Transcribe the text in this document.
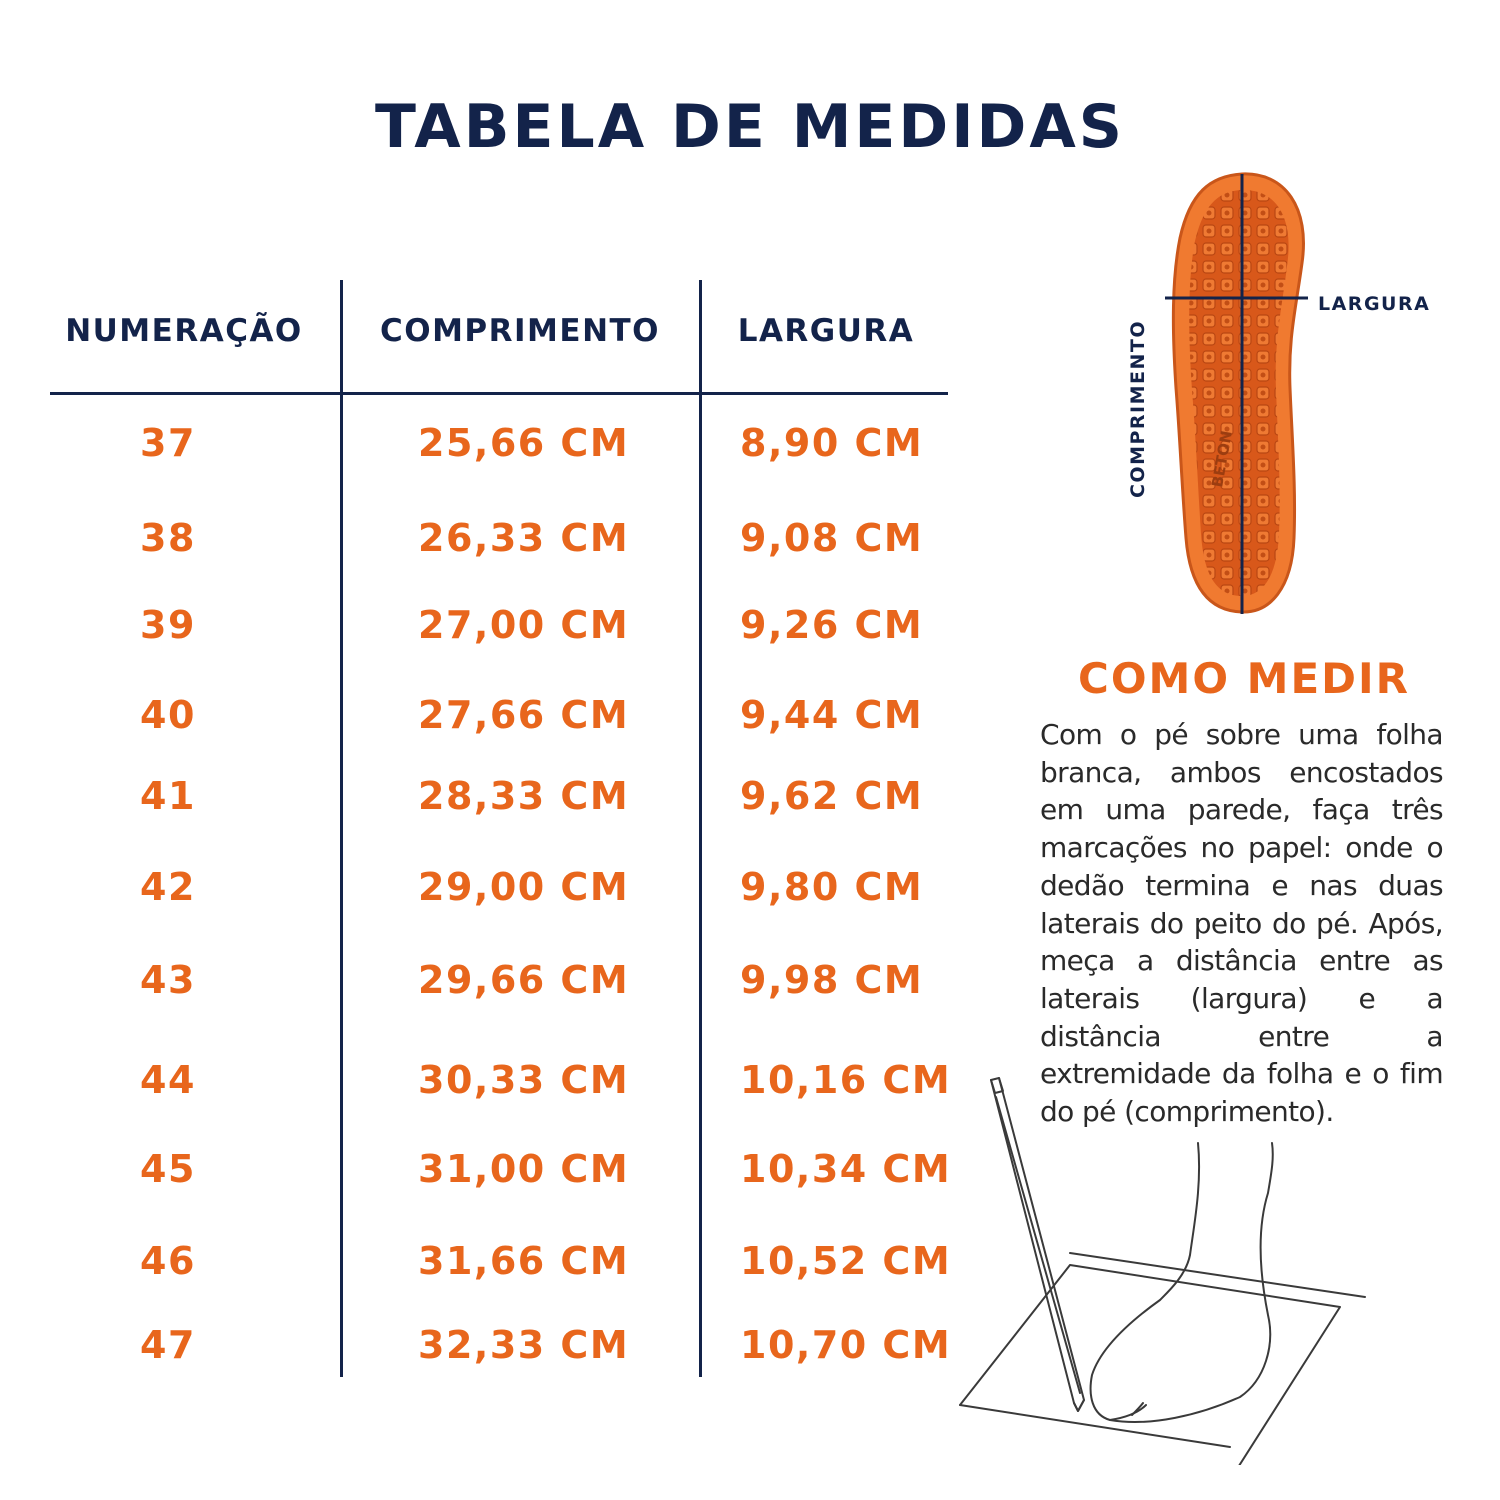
TABELA DE MEDIDAS
NUMERAÇÃO	COMPRIMENTO	LARGURA
37	25,66 CM	8,90 CM
38	26,33 CM	9,08 CM
39	27,00 CM	9,26 CM
40	27,66 CM	9,44 CM
41	28,33 CM	9,62 CM
42	29,00 CM	9,80 CM
43	29,66 CM	9,98 CM
44	30,33 CM	10,16 CM
45	31,00 CM	10,34 CM
46	31,66 CM	10,52 CM
47	32,33 CM	10,70 CM
BETON
LARGURA
COMPRIMENTO
COMO MEDIR
Com o pé sobre uma folha branca, ambos encostados em uma parede, faça três marcações no papel: onde o dedão termina e nas duas laterais do peito do pé. Após, meça a distância entre as laterais (largura) e a distância entre a extremidade da folha e o fim do pé (comprimento).
